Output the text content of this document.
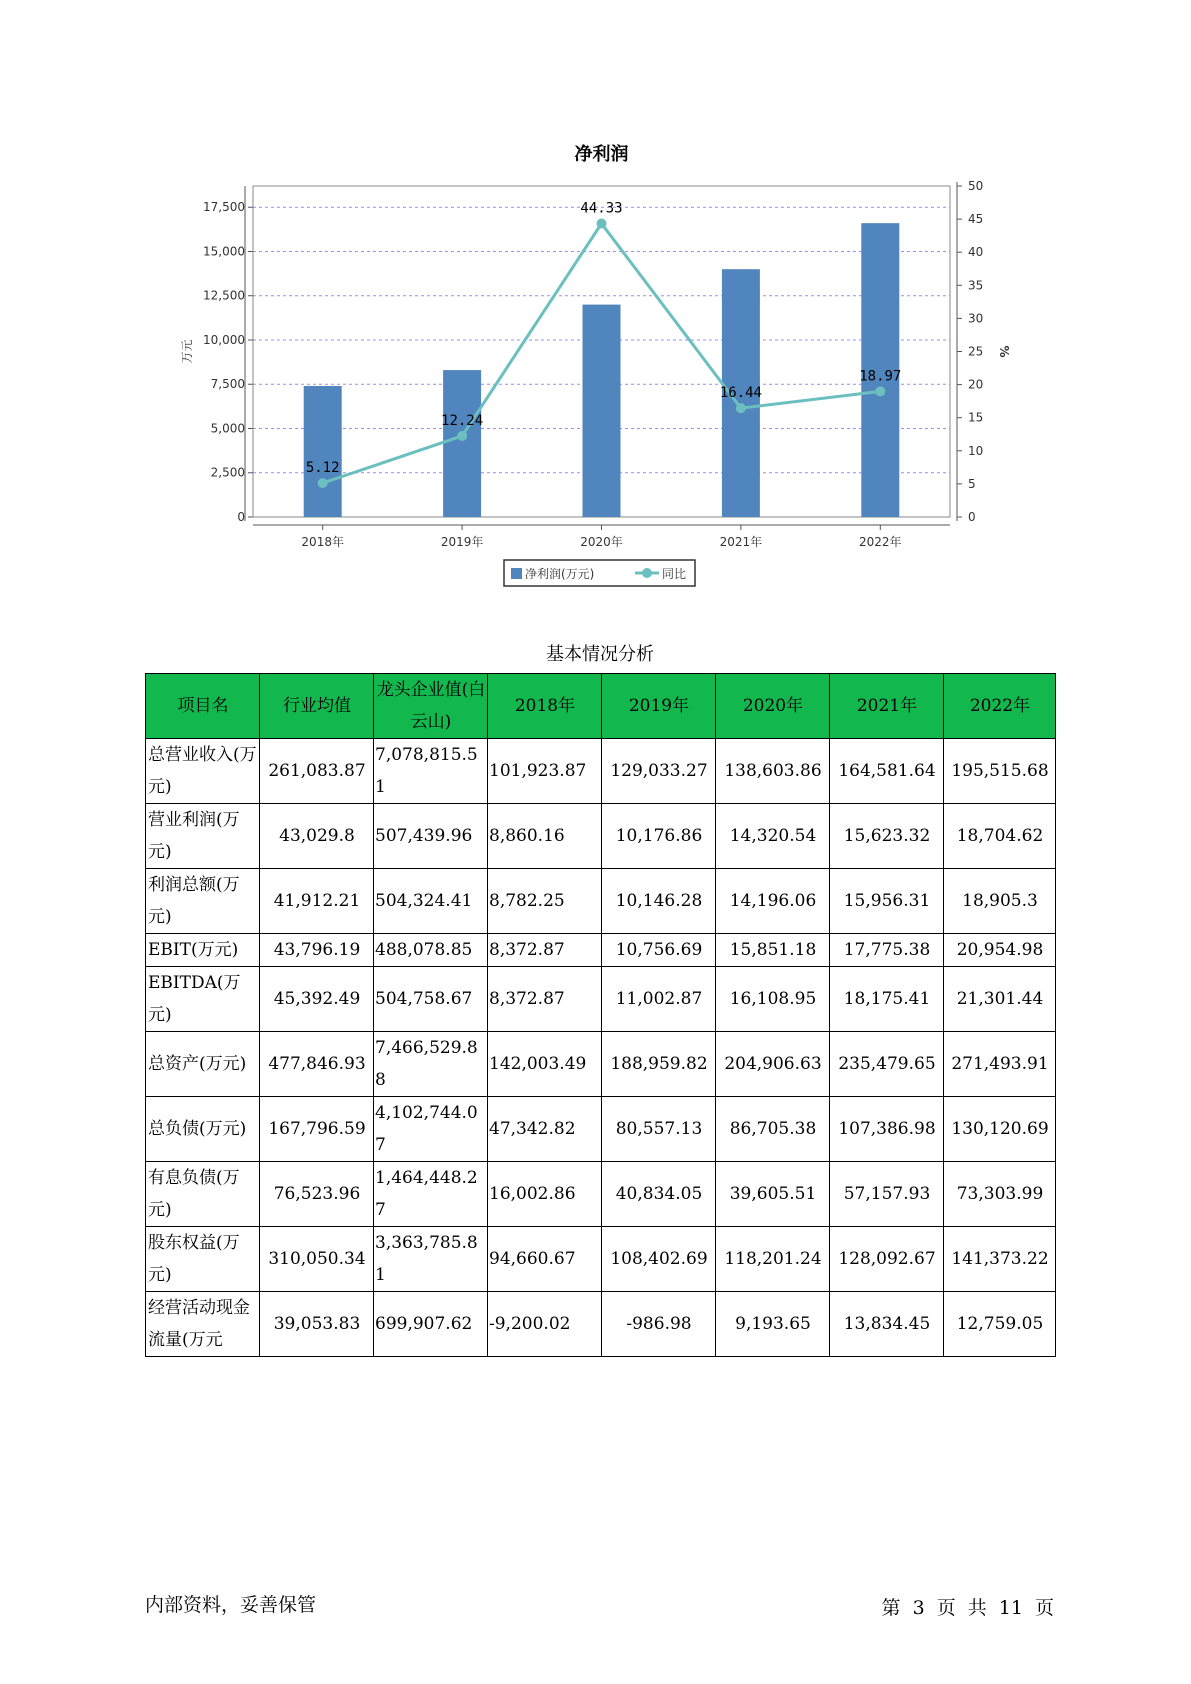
净利润
0
2,500
5,000
7,500
10,000
12,500
15,000
17,500
0
5
10
15
20
25
30
35
40
45
50
万元	%
2018年	2019年	2020年	2021年	2022年
5.12
12.24
44.33
16.44
18.97
净利润(万元)	同比
基本情况分析
项目名	行业均值	龙头企业值(白云山)	2018年	2019年	2020年	2021年	2022年
总营业收入(万元)	261,083.87	7,078,815.51	101,923.87	129,033.27	138,603.86	164,581.64	195,515.68
营业利润(万元)	43,029.8	507,439.96	8,860.16	10,176.86	14,320.54	15,623.32	18,704.62
利润总额(万元)	41,912.21	504,324.41	8,782.25	10,146.28	14,196.06	15,956.31	18,905.3
EBIT(万元)	43,796.19	488,078.85	8,372.87	10,756.69	15,851.18	17,775.38	20,954.98
EBITDA(万元)	45,392.49	504,758.67	8,372.87	11,002.87	16,108.95	18,175.41	21,301.44
总资产(万元)	477,846.93	7,466,529.88	142,003.49	188,959.82	204,906.63	235,479.65	271,493.91
总负债(万元)	167,796.59	4,102,744.07	47,342.82	80,557.13	86,705.38	107,386.98	130,120.69
有息负债(万元)	76,523.96	1,464,448.27	16,002.86	40,834.05	39,605.51	57,157.93	73,303.99
股东权益(万元)	310,050.34	3,363,785.81	94,660.67	108,402.69	118,201.24	128,092.67	141,373.22
经营活动现金流量(万元	39,053.83	699,907.62	-9,200.02	-986.98	9,193.65	13,834.45	12,759.05
内部资料，妥善保管	第 3 页 共 11 页
